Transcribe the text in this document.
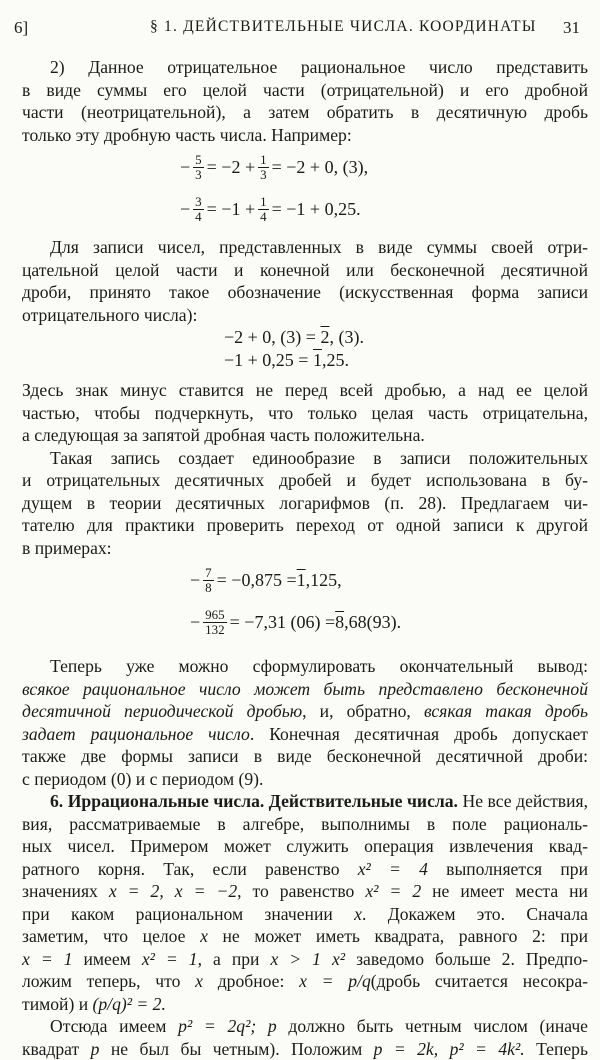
6]	§ 1. ДЕЙСТВИТЕЛЬНЫЕ ЧИСЛА. КООРДИНАТЫ 31
2) Данное отрицательное рациональное число представить
в виде суммы его целой части (отрицательной) и его дробной
части (неотрицательной), а затем обратить в десятичную дробь
только эту дробную часть числа. Например:
− $\frac{5}{3} = -2 + \frac{1}{3} = -2 + 0$, (3),
− $\frac{3}{4} = -1 + \frac{1}{4} = -1 + 0,25$.
Для записи чисел, представленных в виде суммы своей отри-
цательной целой части и конечной или бесконечной десятичной
дроби, принято такое обозначение (искусственная форма записи
отрицательного числа):
−2 + 0, (3) = 2, (3).
−1 + 0,25 = 1,25.
Здесь знак минус ставится не перед всей дробью, а над ее целой
частью, чтобы подчеркнуть, что только целая часть отрицательна,
а следующая за запятой дробная часть положительна.
Такая запись создает единообразие в записи положительных
и отрицательных десятичных дробей и будет использована в бу-
дущем в теории десятичных логарифмов (п. 28). Предлагаем чи-
тателю для практики проверить переход от одной записи к другой
в примерах:
− $\frac{7}{8} = -0,875 = 1$ ,125,
− $\frac{965}{132} = -7,31$ (06) = 8 ,68(93).
Теперь уже можно сформулировать окончательный вывод:
всякое рациональное число может быть представлено бесконечной
десятичной периодической дробью, и, обратно, всякая такая дробь
задает рациональное число. Конечная десятичная дробь допускает
также две формы записи в виде бесконечной десятичной дроби:
с периодом (0) и с периодом (9).
6. Иррациональные числа. Действительные числа. Не все действия,
вия, рассматриваемые в алгебре, выполнимы в поле рациональ-
ных чисел. Примером может служить операция извлечения квад-
ратного корня. Так, если равенство x² = 4 выполняется при
значениях x = 2, x = −2, то равенство x² = 2 не имеет места ни
при каком рациональном значении x. Докажем это. Сначала
заметим, что целое x не может иметь квадрата, равного 2: при
x = 1 имеем x² = 1, а при x > 1 x² заведомо больше 2. Предпо-
ложим теперь, что x дробное: x = p/q(дробь считается несокра-
тимой) и (p/q)² = 2.
Отсюда имеем p² = 2q²; p должно быть четным числом (иначе
квадрат p не был бы четным). Положим p = 2k, p² = 4k². Теперь
